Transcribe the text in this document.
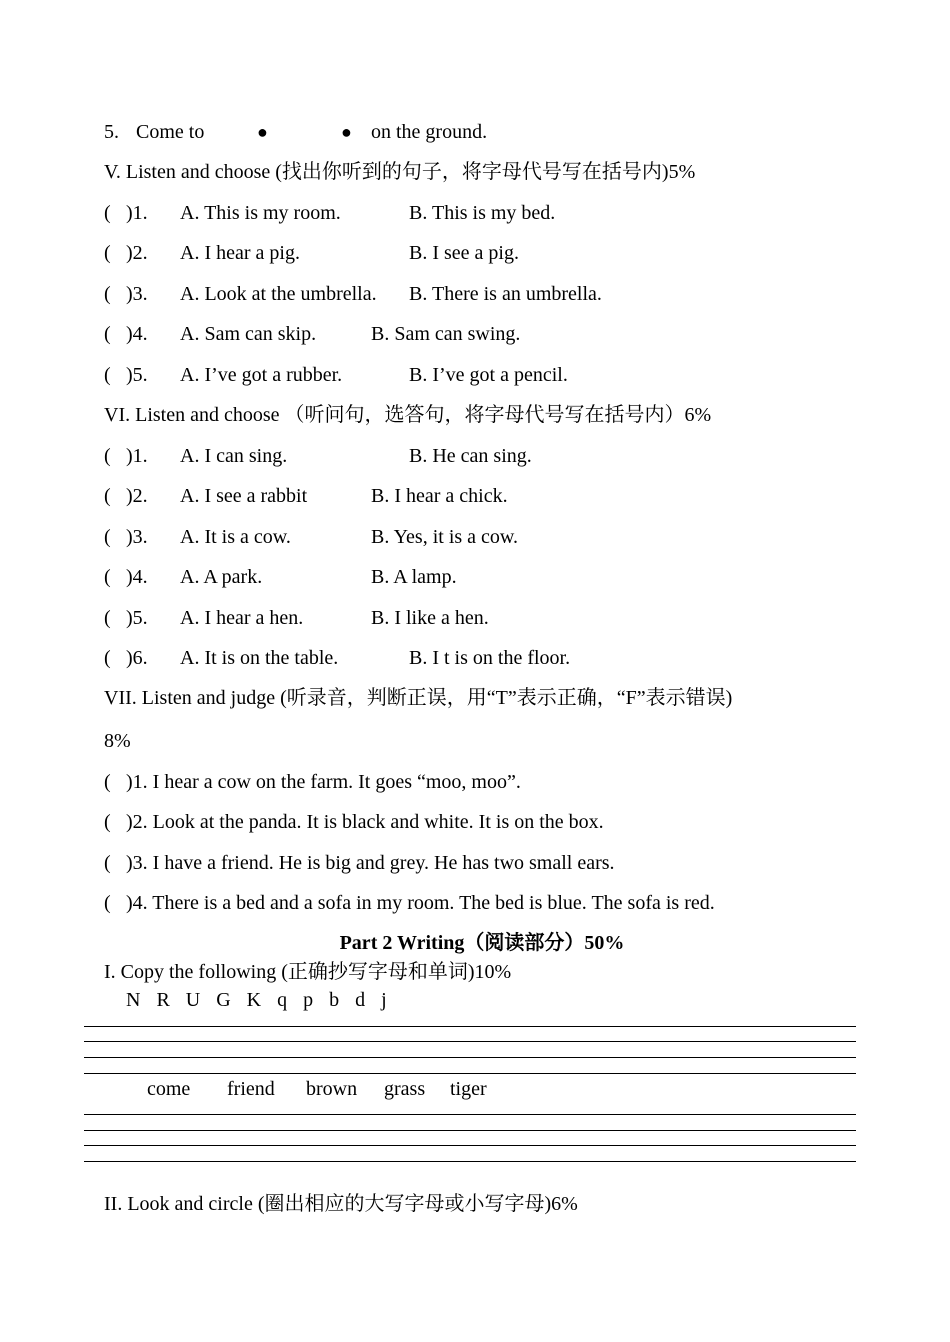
5. Come to	●	● on the ground.
V. Listen and choose (找出你听到的句子，将字母代号写在括号内)5%
( )1. A. This is my room.	B. This is my bed.
( )2. A. I hear a pig.	B. I see a pig.
( )3. A. Look at the umbrella. B. There is an umbrella.
( )4. A. Sam can skip.	B. Sam can swing.
( )5. A. I’ve got a rubber.	B. I’ve got a pencil.
VI. Listen and choose （听问句，选答句，将字母代号写在括号内）6%
( )1. A. I can sing.	B. He can sing.
( )2. A. I see a rabbit	B. I hear a chick.
( )3. A. It is a cow.	B. Yes, it is a cow.
( )4. A. A park.	B. A lamp.
( )5. A. I hear a hen.	B. I like a hen.
( )6. A. It is on the table.	B. I t is on the floor.
VII. Listen and judge (听录音，判断正误，用“T”表示正确，“F”表示错误)
8%
( )1. I hear a cow on the farm. It goes “moo, moo”.
( )2. Look at the panda. It is black and white. It is on the box.
( )3. I have a friend. He is big and grey. He has two small ears.
( )4. There is a bed and a sofa in my room. The bed is blue. The sofa is red.
Part 2 Writing（阅读部分）50%
I. Copy the following (正确抄写字母和单词)10%
N  R  U  G  K  q  p  b  d  j
come friend brown grass tiger
II. Look and circle (圈出相应的大写字母或小写字母)6%
